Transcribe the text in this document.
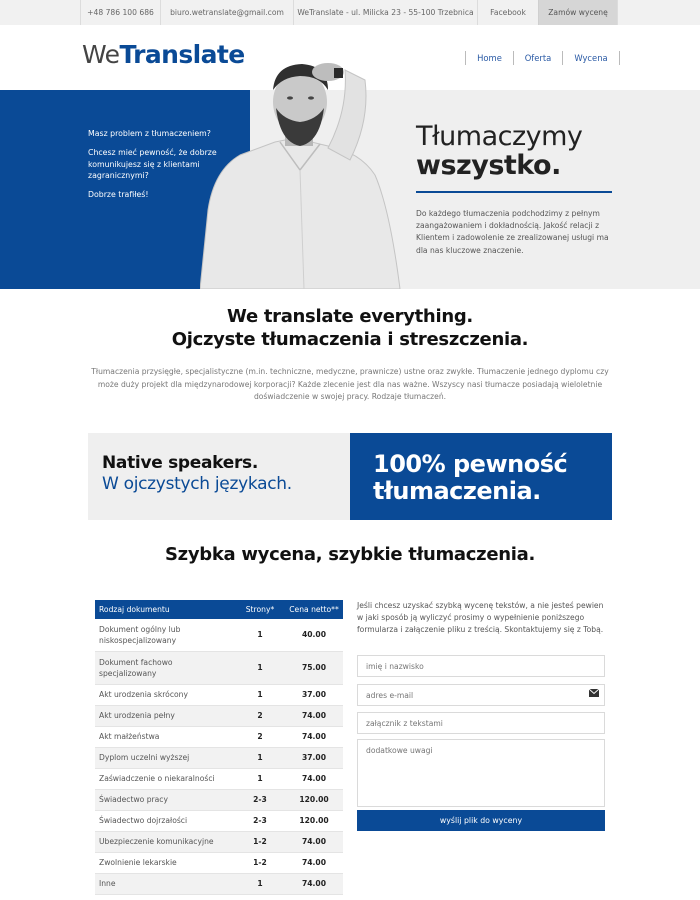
+48 786 100 686	biuro.wetranslate@gmail.com	WeTranslate - ul. Milicka 23 - 55-100 Trzebnica	Facebook	Zamów wycenę
WeTranslate	Home	Oferta	Wycena
Masz problem z tłumaczeniem?
Chcesz mieć pewność, że dobrze komunikujesz się z klientami zagranicznymi?
Dobrze trafiłeś!
Tłumaczymy
wszystko.
Do każdego tłumaczenia podchodzimy z pełnym zaangażowaniem i dokładnością. Jakość relacji z Klientem i zadowolenie ze zrealizowanej usługi ma dla nas kluczowe znaczenie.
We translate everything.
Ojczyste tłumaczenia i streszczenia.
Tłumaczenia przysięgłe, specjalistyczne (m.in. techniczne, medyczne, prawnicze) ustne oraz zwykłe. Tłumaczenie jednego dyplomu czy może duży projekt dla międzynarodowej korporacji? Każde zlecenie jest dla nas ważne. Wszyscy nasi tłumacze posiadają wieloletnie doświadczenie w swojej pracy. Rodzaje tłumaczeń.
Native speakers.
W ojczystych językach.
100% pewność
tłumaczenia.
Szybka wycena, szybkie tłumaczenia.
Rodzaj dokumentu	Strony*	Cena netto**
Dokument ogólny lub niskospecjalizowany	1	40.00
Dokument fachowo specjalizowany	1	75.00
Akt urodzenia skrócony	1	37.00
Akt urodzenia pełny	2	74.00
Akt małżeństwa	2	74.00
Dyplom uczelni wyższej	1	37.00
Zaświadczenie o niekaralności	1	74.00
Świadectwo pracy	2-3	120.00
Świadectwo dojrzałości	2-3	120.00
Ubezpieczenie komunikacyjne	1-2	74.00
Zwolnienie lekarskie	1-2	74.00
Inne	1	74.00
Jeśli chcesz uzyskać szybką wycenę tekstów, a nie jesteś pewien w jaki sposób ją wyliczyć prosimy o wypełnienie poniższego formularza i załączenie pliku z treścią. Skontaktujemy się z Tobą.
imię i nazwisko
adres e-mail
załącznik z tekstami
dodatkowe uwagi
wyślij plik do wyceny
